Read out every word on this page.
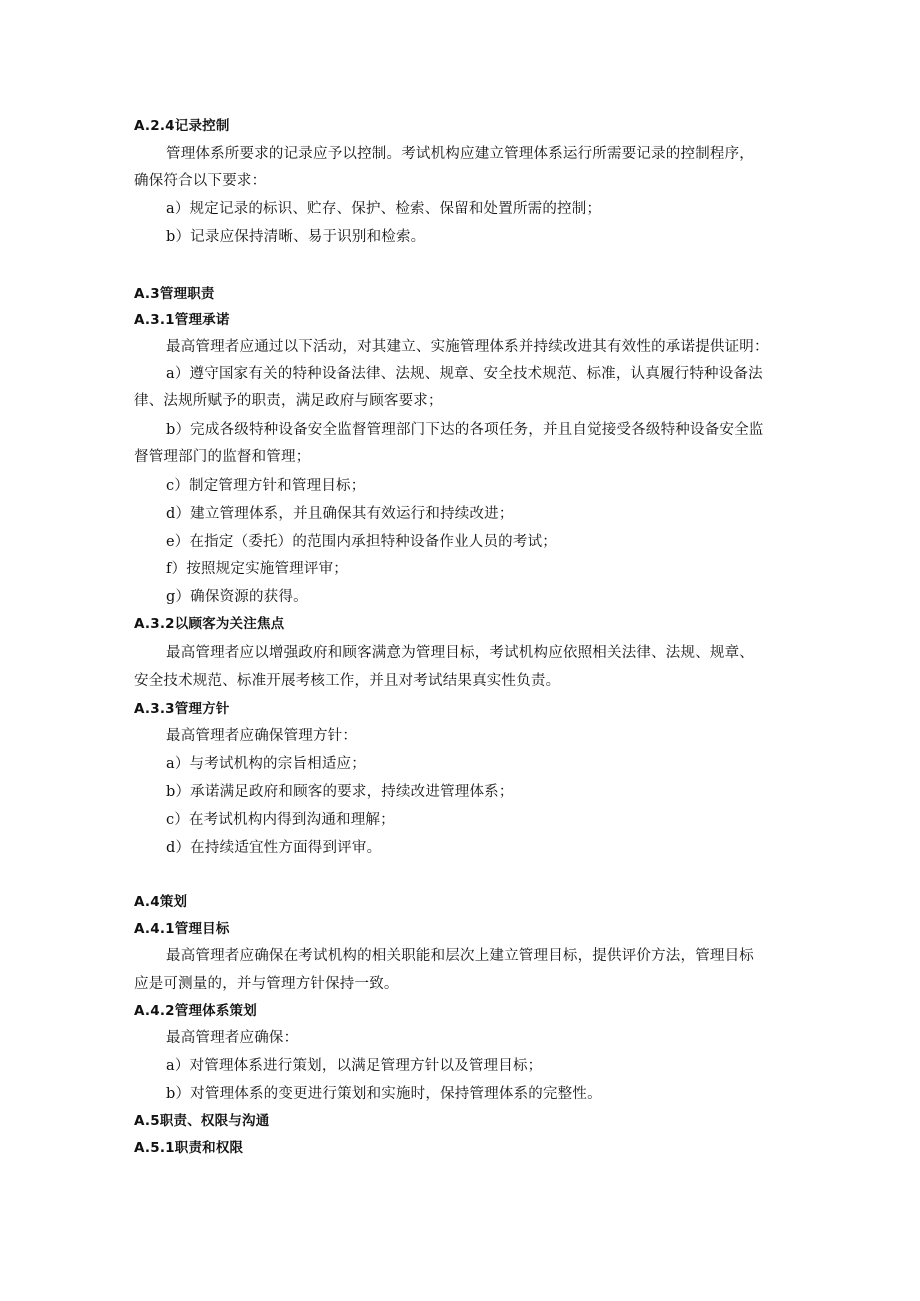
A.2.4记录控制
管理体系所要求的记录应予以控制。考试机构应建立管理体系运行所需要记录的控制程序，
确保符合以下要求：
a）规定记录的标识、贮存、保护、检索、保留和处置所需的控制；
b）记录应保持清晰、易于识别和检索。
A.3管理职责
A.3.1管理承诺
最高管理者应通过以下活动，对其建立、实施管理体系并持续改进其有效性的承诺提供证明：
a）遵守国家有关的特种设备法律、法规、规章、安全技术规范、标准，认真履行特种设备法
律、法规所赋予的职责，满足政府与顾客要求；
b）完成各级特种设备安全监督管理部门下达的各项任务，并且自觉接受各级特种设备安全监
督管理部门的监督和管理；
c）制定管理方针和管理目标；
d）建立管理体系，并且确保其有效运行和持续改进；
e）在指定（委托）的范围内承担特种设备作业人员的考试；
f）按照规定实施管理评审；
g）确保资源的获得。
A.3.2以顾客为关注焦点
最高管理者应以增强政府和顾客满意为管理目标，考试机构应依照相关法律、法规、规章、
安全技术规范、标准开展考核工作，并且对考试结果真实性负责。
A.3.3管理方针
最高管理者应确保管理方针：
a）与考试机构的宗旨相适应；
b）承诺满足政府和顾客的要求，持续改进管理体系；
c）在考试机构内得到沟通和理解；
d）在持续适宜性方面得到评审。
A.4策划
A.4.1管理目标
最高管理者应确保在考试机构的相关职能和层次上建立管理目标，提供评价方法，管理目标
应是可测量的，并与管理方针保持一致。
A.4.2管理体系策划
最高管理者应确保：
a）对管理体系进行策划，以满足管理方针以及管理目标；
b）对管理体系的变更进行策划和实施时，保持管理体系的完整性。
A.5职责、权限与沟通
A.5.1职责和权限
